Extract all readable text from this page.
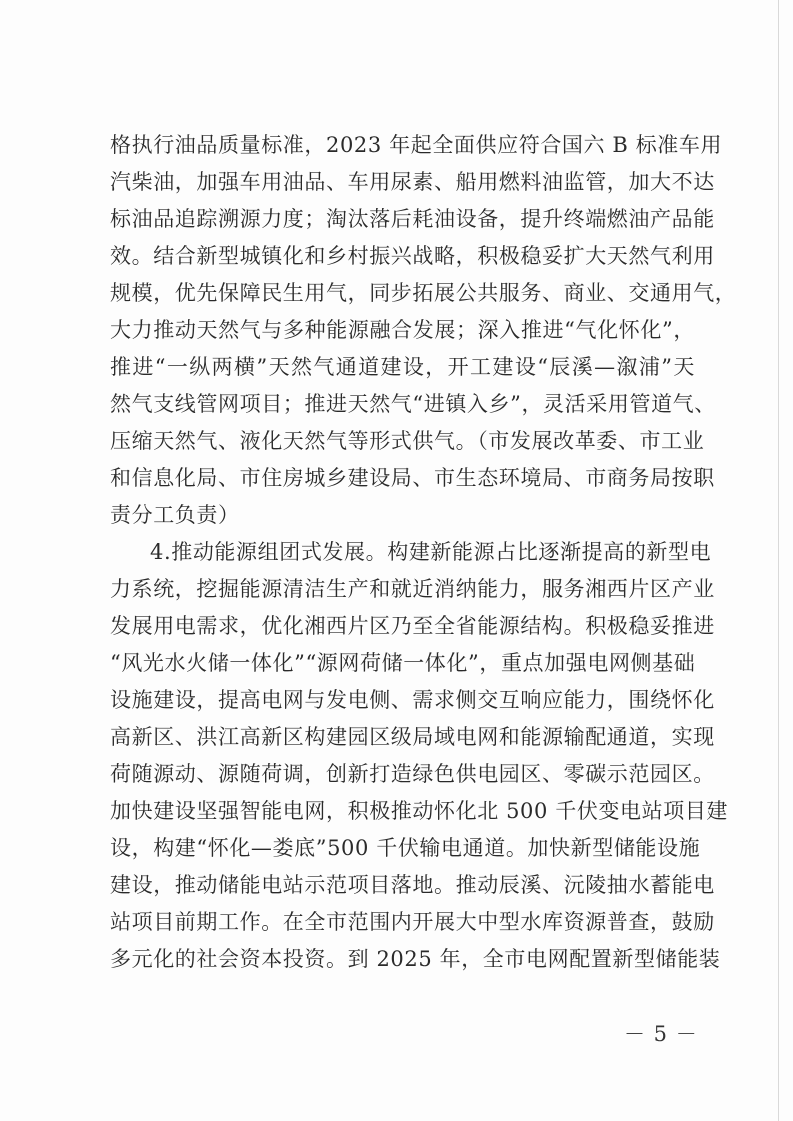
格执行油品质量标准，2023 年起全面供应符合国六 B 标准车用
汽柴油，加强车用油品、车用尿素、船用燃料油监管，加大不达
标油品追踪溯源力度；淘汰落后耗油设备，提升终端燃油产品能
效。结合新型城镇化和乡村振兴战略，积极稳妥扩大天然气利用
规模，优先保障民生用气，同步拓展公共服务、商业、交通用气，
大力推动天然气与多种能源融合发展；深入推进“气化怀化”，
推进“一纵两横”天然气通道建设，开工建设“辰溪—溆浦”天
然气支线管网项目；推进天然气“进镇入乡”，灵活采用管道气、
压缩天然气、液化天然气等形式供气。（市发展改革委、市工业
和信息化局、市住房城乡建设局、市生态环境局、市商务局按职
责分工负责）
4.推动能源组团式发展。构建新能源占比逐渐提高的新型电
力系统，挖掘能源清洁生产和就近消纳能力，服务湘西片区产业
发展用电需求，优化湘西片区乃至全省能源结构。积极稳妥推进
“风光水火储一体化”“源网荷储一体化”，重点加强电网侧基础
设施建设，提高电网与发电侧、需求侧交互响应能力，围绕怀化
高新区、洪江高新区构建园区级局域电网和能源输配通道，实现
荷随源动、源随荷调，创新打造绿色供电园区、零碳示范园区。
加快建设坚强智能电网，积极推动怀化北 500 千伏变电站项目建
设，构建“怀化—娄底”500 千伏输电通道。加快新型储能设施
建设，推动储能电站示范项目落地。推动辰溪、沅陵抽水蓄能电
站项目前期工作。在全市范围内开展大中型水库资源普查，鼓励
多元化的社会资本投资。到 2025 年，全市电网配置新型储能装
－ 5 －
